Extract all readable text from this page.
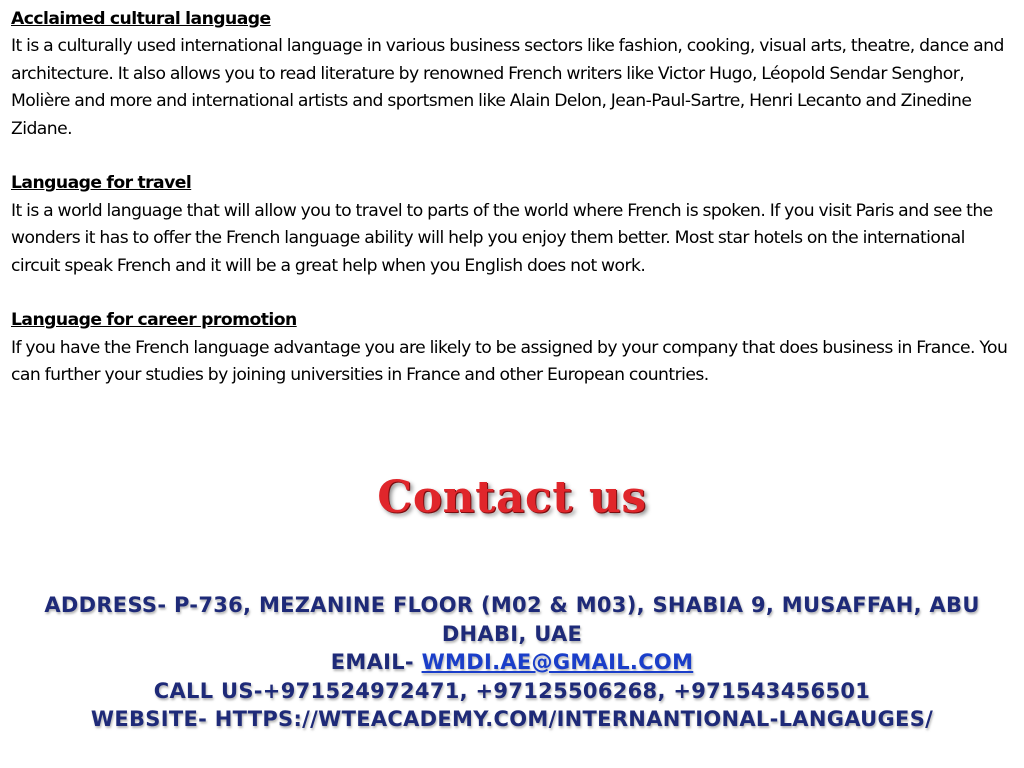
Acclaimed cultural language
It is a culturally used international language in various business sectors like fashion, cooking, visual arts, theatre, dance and architecture. It also allows you to read literature by renowned French writers like Victor Hugo, Léopold Sendar Senghor, Molière and more and international artists and sportsmen like Alain Delon, Jean-Paul-Sartre, Henri Lecanto and Zinedine Zidane.
Language for travel
It is a world language that will allow you to travel to parts of the world where French is spoken. If you visit Paris and see the wonders it has to offer the French language ability will help you enjoy them better. Most star hotels on the international circuit speak French and it will be a great help when you English does not work.
Language for career promotion
If you have the French language advantage you are likely to be assigned by your company that does business in France. You can further your studies by joining universities in France and other European countries.
Contact us
ADDRESS- P-736, MEZANINE FLOOR (M02 & M03), SHABIA 9, MUSAFFAH, ABU DHABI, UAE
EMAIL- WMDI.AE@GMAIL.COM
CALL US-+971524972471, +97125506268, +971543456501
WEBSITE- HTTPS://WTEACADEMY.COM/INTERNANTIONAL-LANGAUGES/
